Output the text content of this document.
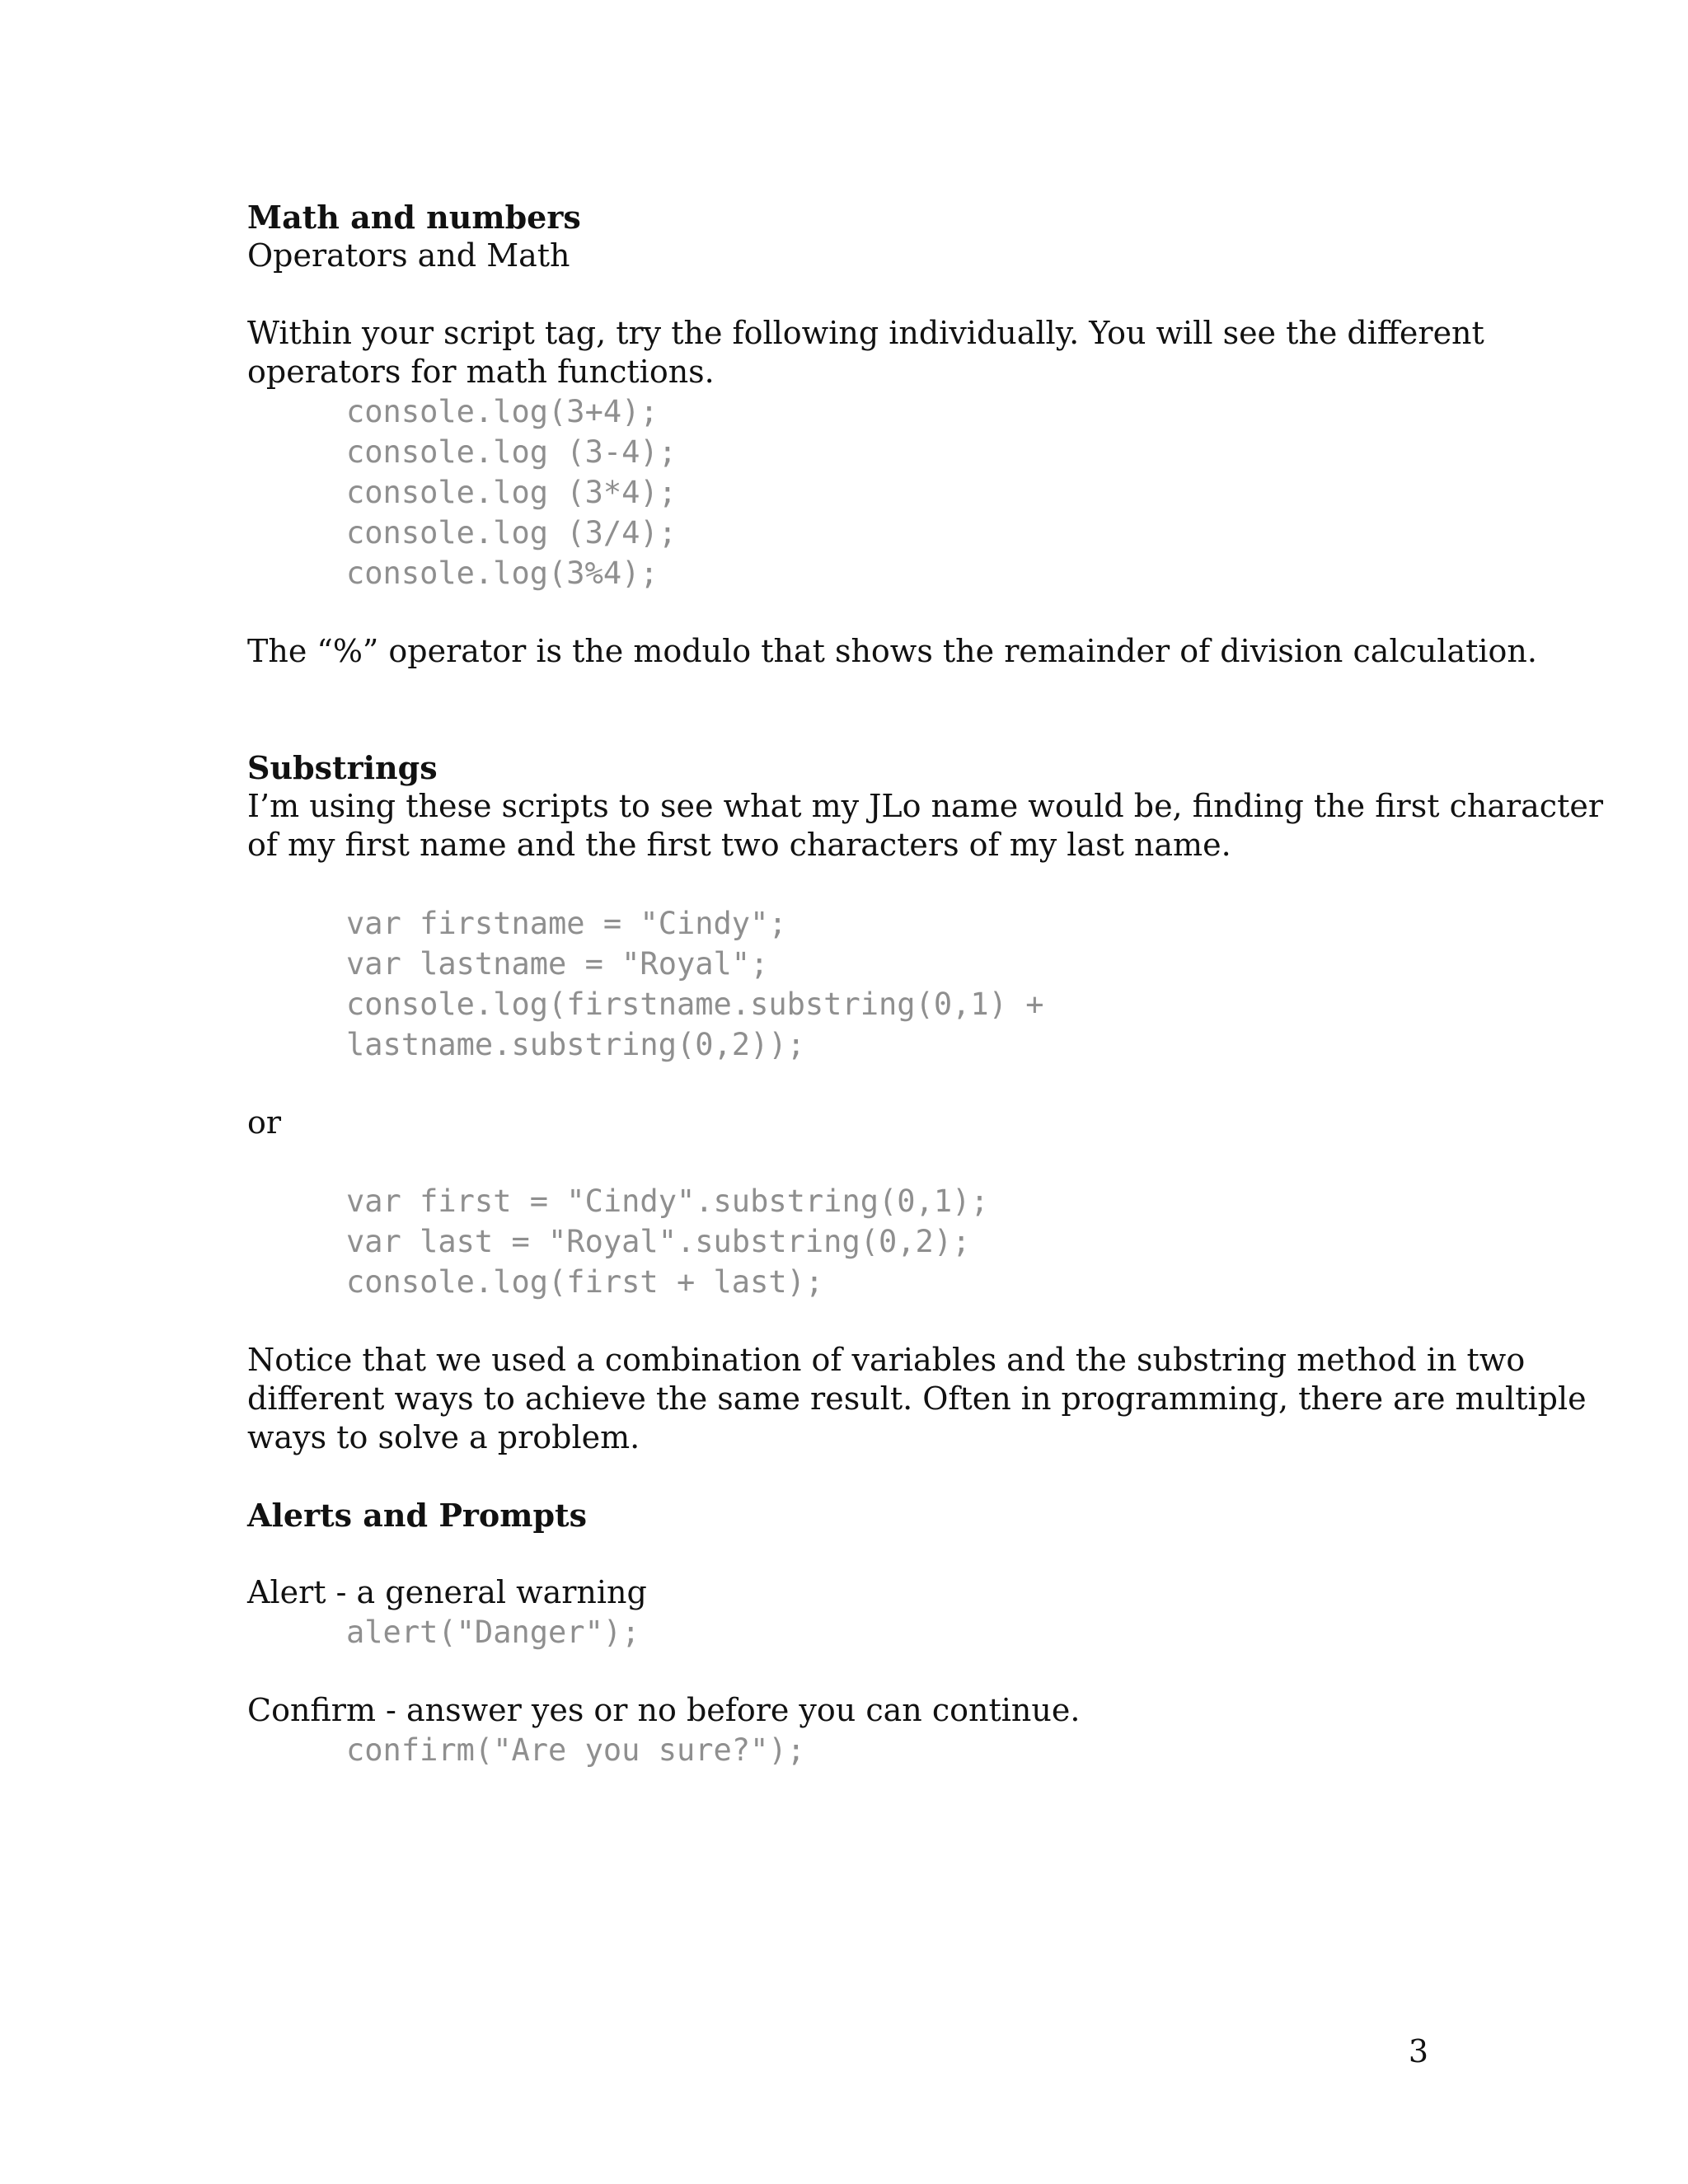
Math and numbers

Operators and Math

Within your script tag, try the following individually. You will see the different

operators for math functions.

console.log(3+4);

console.log (3-4);

console.log (3*4);

console.log (3/4);

console.log(3%4);

The “%” operator is the modulo that shows the remainder of division calculation.

Substrings

I’m using these scripts to see what my JLo name would be, finding the first character

of my first name and the first two characters of my last name.

var firstname = "Cindy";

var lastname = "Royal";

console.log(firstname.substring(0,1) +

lastname.substring(0,2));

or

var first = "Cindy".substring(0,1);

var last = "Royal".substring(0,2);

console.log(first + last);

Notice that we used a combination of variables and the substring method in two

different ways to achieve the same result. Often in programming, there are multiple

ways to solve a problem.

Alerts and Prompts

Alert - a general warning

alert("Danger");

Confirm - answer yes or no before you can continue.

confirm("Are you sure?");

3
